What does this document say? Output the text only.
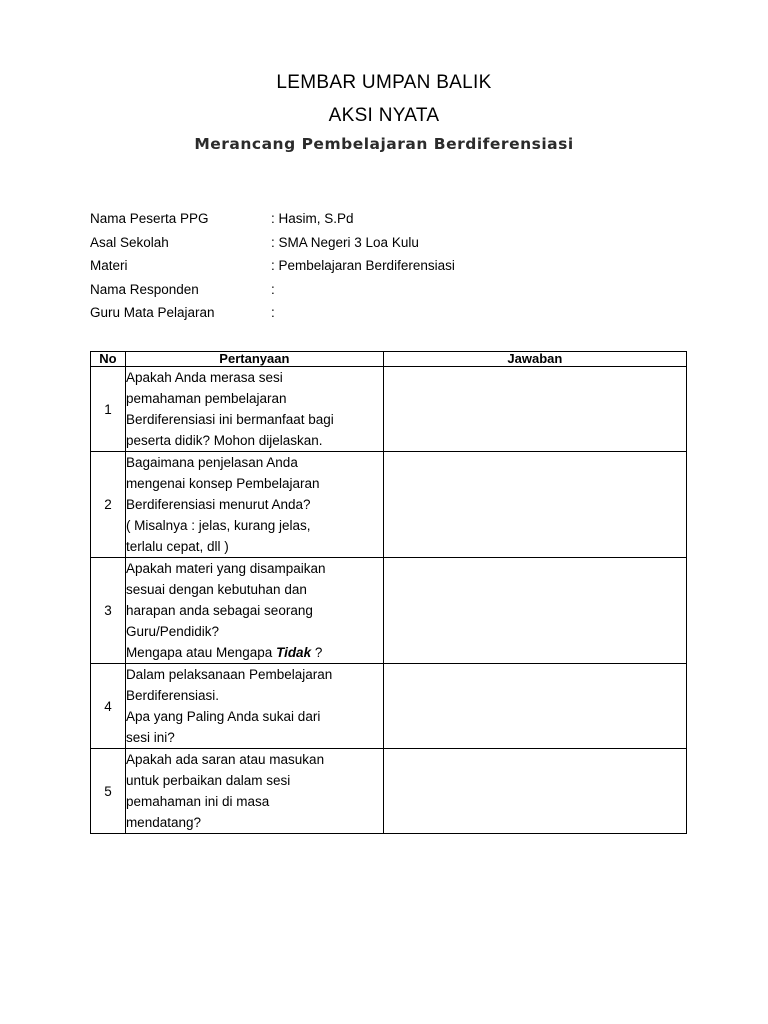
LEMBAR UMPAN BALIK
AKSI NYATA
Merancang Pembelajaran Berdiferensiasi
Nama Peserta PPG	: Hasim, S.Pd
Asal Sekolah	: SMA Negeri 3 Loa Kulu
Materi	: Pembelajaran Berdiferensiasi
Nama Responden	:
Guru Mata Pelajaran	:
No	Pertanyaan	Jawaban
1	Apakah Anda merasa sesi
pemahaman pembelajaran
Berdiferensiasi ini bermanfaat bagi
peserta didik? Mohon dijelaskan.	

2	Bagaimana penjelasan Anda
mengenai konsep Pembelajaran
Berdiferensiasi menurut Anda?
( Misalnya : jelas, kurang jelas,
terlalu cepat, dll )	

3	Apakah materi yang disampaikan
sesuai dengan kebutuhan dan
harapan anda sebagai seorang
Guru/Pendidik?
Mengapa atau Mengapa Tidak ?	

4	Dalam pelaksanaan Pembelajaran
Berdiferensiasi.
Apa yang Paling Anda sukai dari
sesi ini?	

5	Apakah ada saran atau masukan
untuk perbaikan dalam sesi
pemahaman ini di masa
mendatang?	
